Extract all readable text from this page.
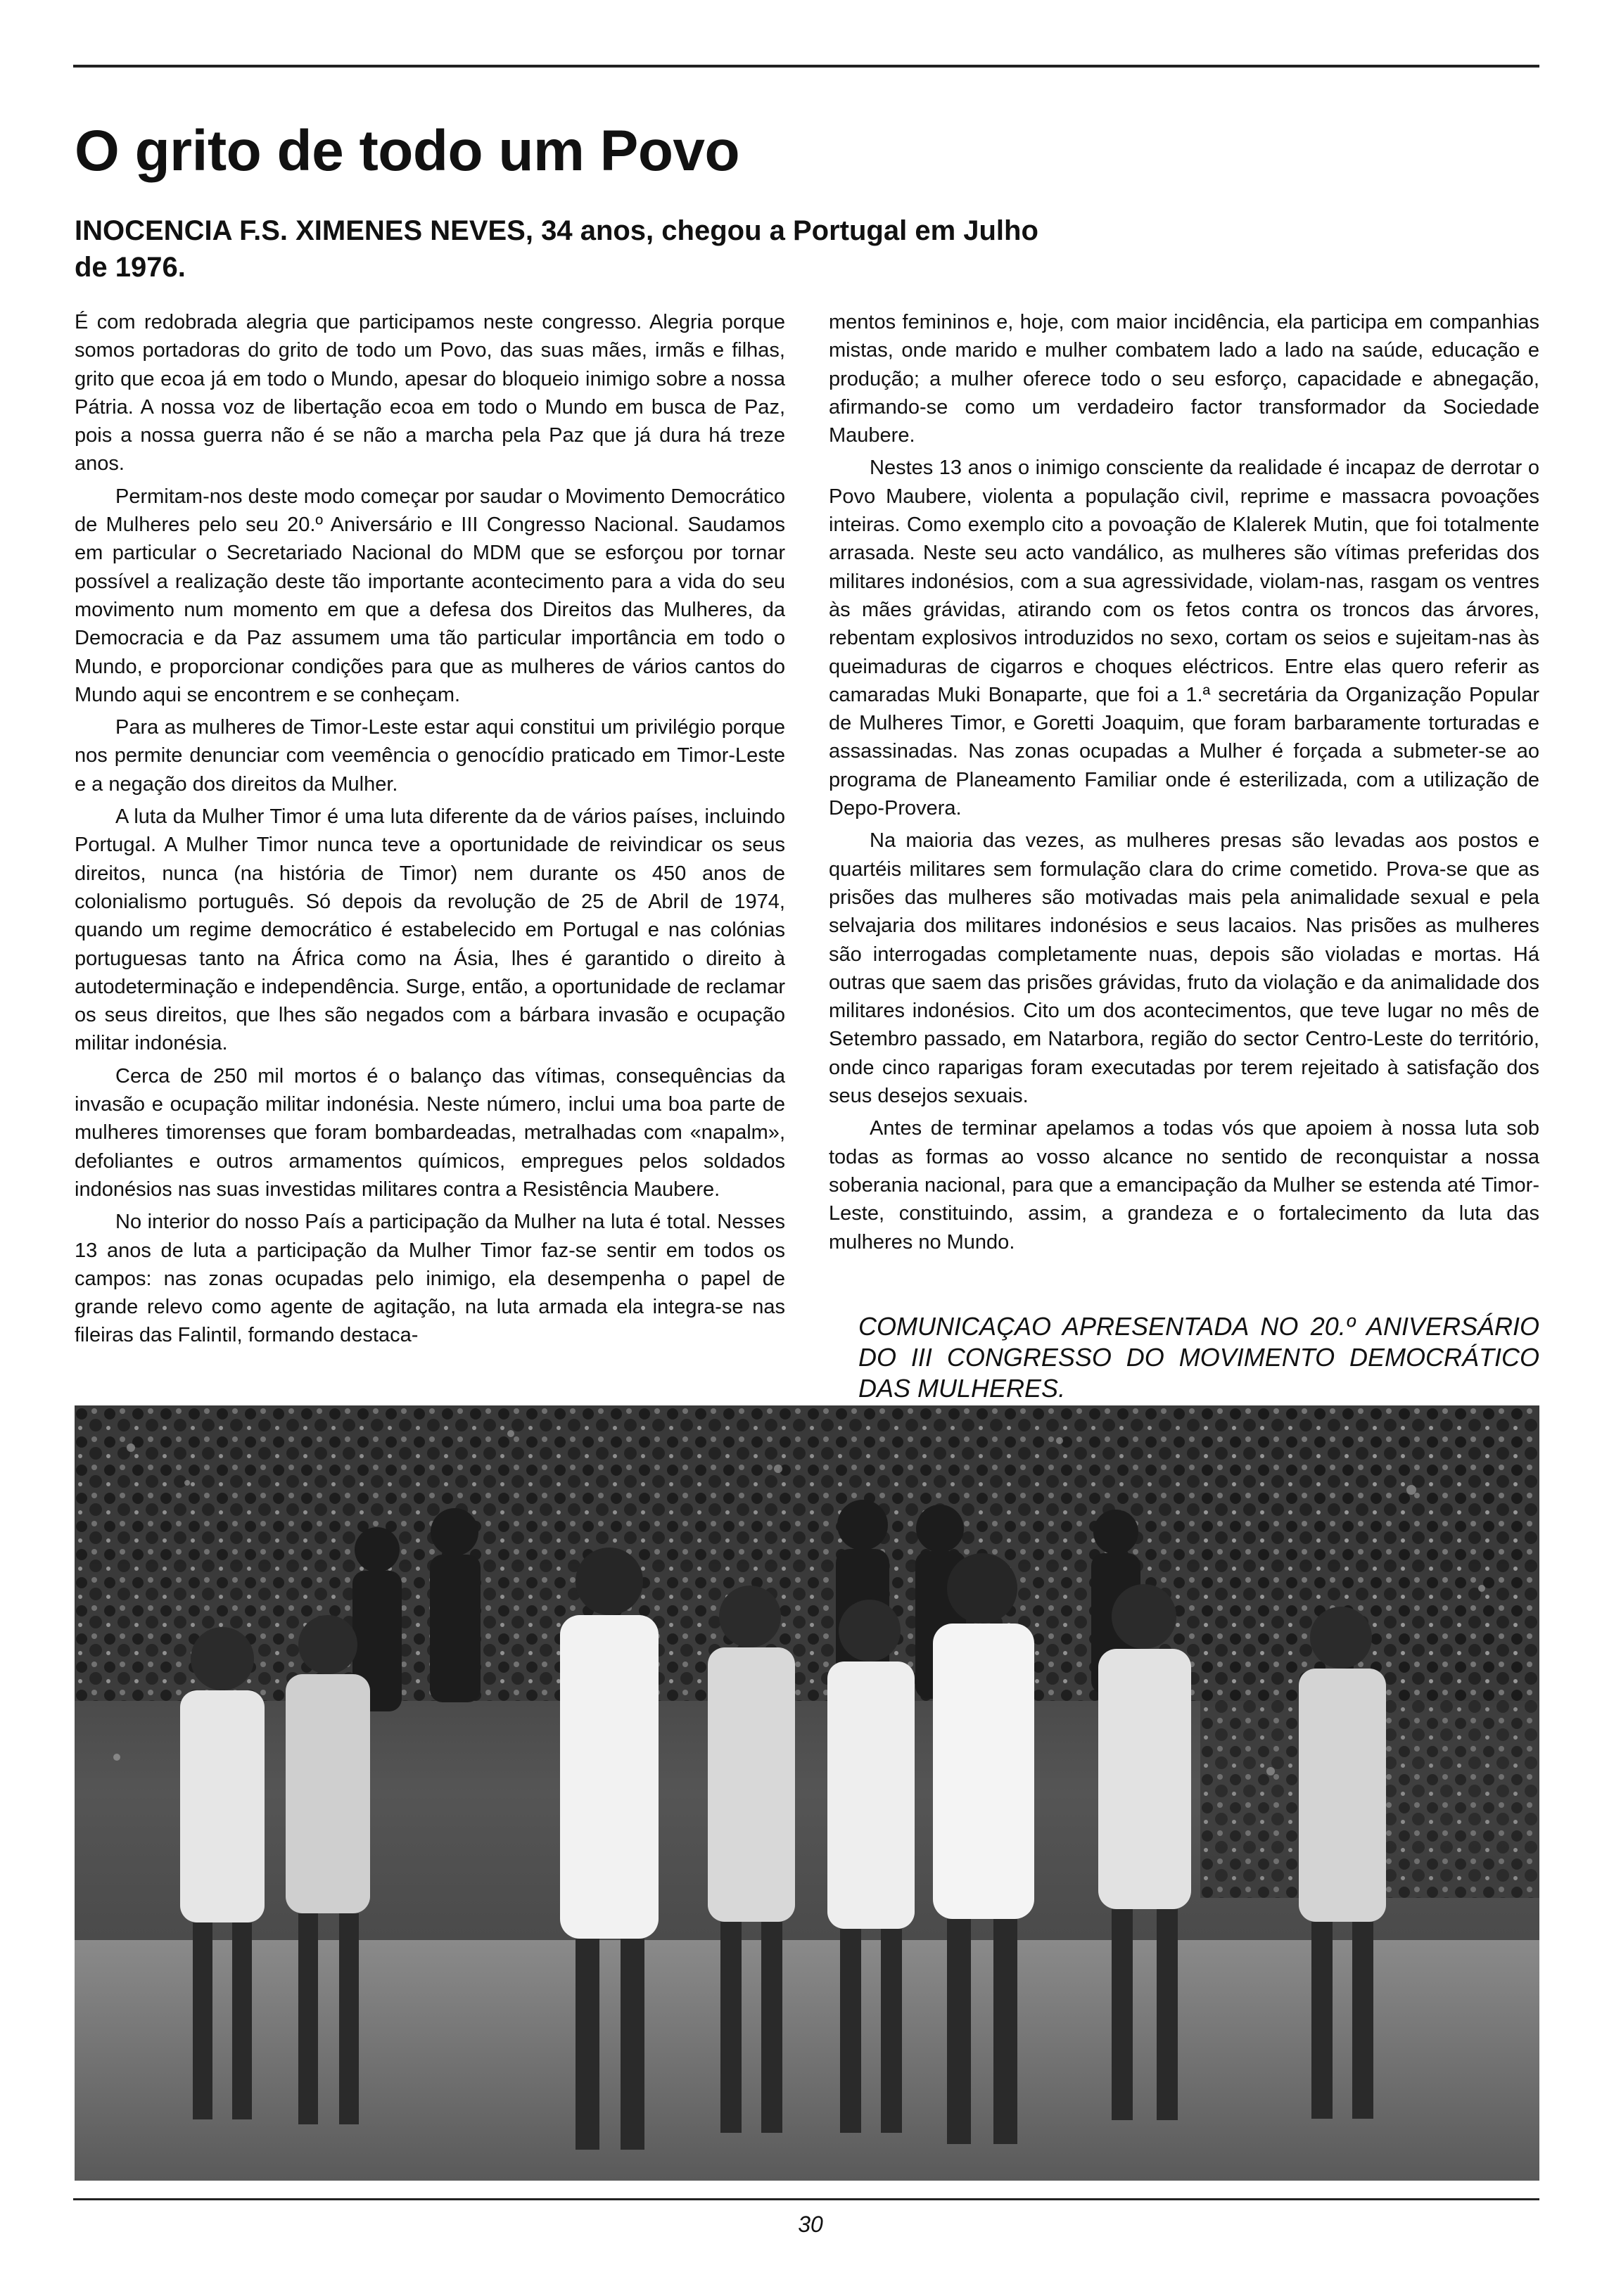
O grito de todo um Povo

INOCENCIA F.S. XIMENES NEVES, 34 anos, chegou a Portugal em Julho de 1976.

É com redobrada alegria que participamos neste congresso. Alegria porque somos portadoras do grito de todo um Povo, das suas mães, irmãs e filhas, grito que ecoa já em todo o Mundo, apesar do bloqueio inimigo sobre a nossa Pátria. A nossa voz de libertação ecoa em todo o Mundo em busca de Paz, pois a nossa guerra não é se não a marcha pela Paz que já dura há treze anos.

Permitam-nos deste modo começar por saudar o Movimento Democrático de Mulheres pelo seu 20.º Aniversário e III Congresso Nacional. Saudamos em particular o Secretariado Nacional do MDM que se esforçou por tornar possível a realização deste tão importante acontecimento para a vida do seu movimento num momento em que a defesa dos Direitos das Mulheres, da Democracia e da Paz assumem uma tão particular importância em todo o Mundo, e proporcionar condições para que as mulheres de vários cantos do Mundo aqui se encontrem e se conheçam.

Para as mulheres de Timor-Leste estar aqui constitui um privilégio porque nos permite denunciar com veemência o genocídio praticado em Timor-Leste e a negação dos direitos da Mulher.

A luta da Mulher Timor é uma luta diferente da de vários países, incluindo Portugal. A Mulher Timor nunca teve a oportunidade de reivindicar os seus direitos, nunca (na história de Timor) nem durante os 450 anos de colonialismo português. Só depois da revolução de 25 de Abril de 1974, quando um regime democrático é estabelecido em Portugal e nas colónias portuguesas tanto na África como na Ásia, lhes é garantido o direito à autodeterminação e independência. Surge, então, a oportunidade de reclamar os seus direitos, que lhes são negados com a bárbara invasão e ocupação militar indonésia.

Cerca de 250 mil mortos é o balanço das vítimas, consequências da invasão e ocupação militar indonésia. Neste número, inclui uma boa parte de mulheres timorenses que foram bombardeadas, metralhadas com «napalm», defoliantes e outros armamentos químicos, empregues pelos soldados indonésios nas suas investidas militares contra a Resistência Maubere.

No interior do nosso País a participação da Mulher na luta é total. Nesses 13 anos de luta a participação da Mulher Timor faz-se sentir em todos os campos: nas zonas ocupadas pelo inimigo, ela desempenha o papel de grande relevo como agente de agitação, na luta armada ela integra-se nas fileiras das Falintil, formando destaca-

mentos femininos e, hoje, com maior incidência, ela participa em companhias mistas, onde marido e mulher combatem lado a lado na saúde, educação e produção; a mulher oferece todo o seu esforço, capacidade e abnegação, afirmando-se como um verdadeiro factor transformador da Sociedade Maubere.

Nestes 13 anos o inimigo consciente da realidade é incapaz de derrotar o Povo Maubere, violenta a população civil, reprime e massacra povoações inteiras. Como exemplo cito a povoação de Klalerek Mutin, que foi totalmente arrasada. Neste seu acto vandálico, as mulheres são vítimas preferidas dos militares indonésios, com a sua agressividade, violam-nas, rasgam os ventres às mães grávidas, atirando com os fetos contra os troncos das árvores, rebentam explosivos introduzidos no sexo, cortam os seios e sujeitam-nas às queimaduras de cigarros e choques eléctricos. Entre elas quero referir as camaradas Muki Bonaparte, que foi a 1.ª secretária da Organização Popular de Mulheres Timor, e Goretti Joaquim, que foram barbaramente torturadas e assassinadas. Nas zonas ocupadas a Mulher é forçada a submeter-se ao programa de Planeamento Familiar onde é esterilizada, com a utilização de Depo-Provera.

Na maioria das vezes, as mulheres presas são levadas aos postos e quartéis militares sem formulação clara do crime cometido. Prova-se que as prisões das mulheres são motivadas mais pela animalidade sexual e pela selvajaria dos militares indonésios e seus lacaios. Nas prisões as mulheres são interrogadas completamente nuas, depois são violadas e mortas. Há outras que saem das prisões grávidas, fruto da violação e da animalidade dos militares indonésios. Cito um dos acontecimentos, que teve lugar no mês de Setembro passado, em Natarbora, região do sector Centro-Leste do território, onde cinco raparigas foram executadas por terem rejeitado à satisfação dos seus desejos sexuais.

Antes de terminar apelamos a todas vós que apoiem à nossa luta sob todas as formas ao vosso alcance no sentido de reconquistar a nossa soberania nacional, para que a emancipação da Mulher se estenda até Timor-Leste, constituindo, assim, a grandeza e o fortalecimento da luta das mulheres no Mundo.

COMUNICAÇAO APRESENTADA NO 20.º ANIVERSÁRIO DO III CONGRESSO DO MOVIMENTO DEMOCRÁTICO DAS MULHERES.

30
